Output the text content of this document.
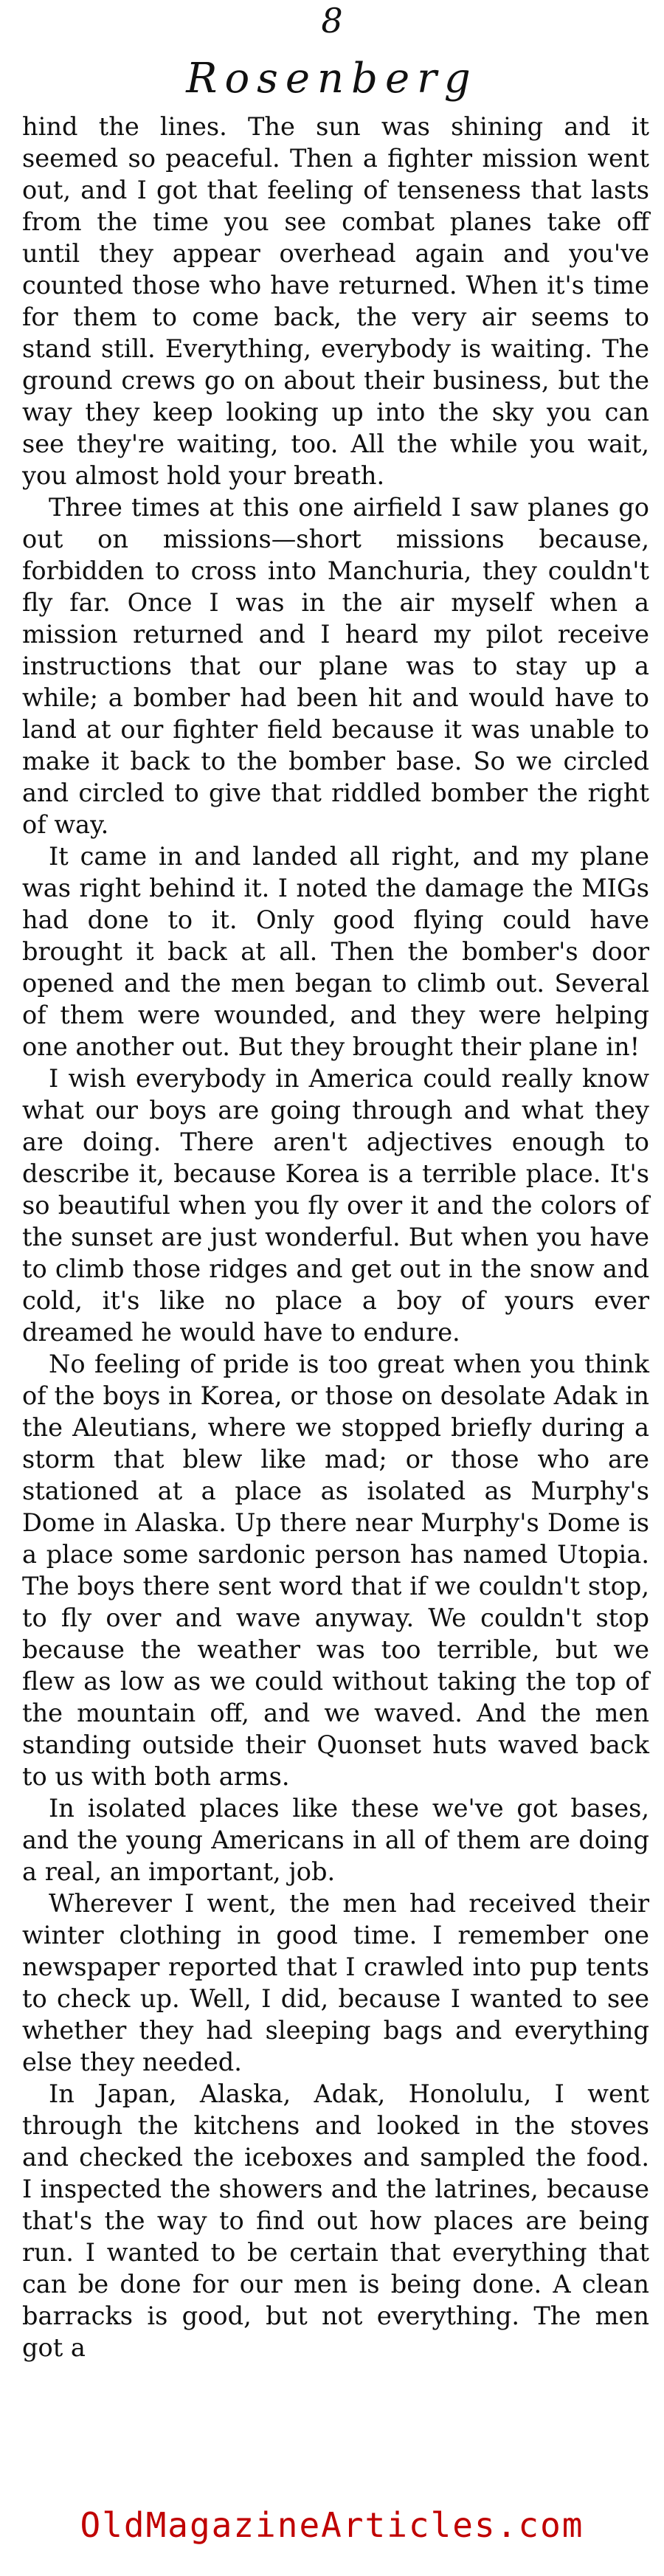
8
Rosenberg

hind the lines. The sun was shining and it seemed so peaceful. Then a fighter mission went out, and I got that feeling of tenseness that lasts from the time you see combat planes take off until they appear overhead again and you've counted those who have returned. When it's time for them to come back, the very air seems to stand still. Everything, everybody is waiting. The ground crews go on about their business, but the way they keep looking up into the sky you can see they're waiting, too. All the while you wait, you almost hold your breath.

Three times at this one airfield I saw planes go out on missions—short missions because, forbidden to cross into Manchuria, they couldn't fly far. Once I was in the air myself when a mission returned and I heard my pilot receive instructions that our plane was to stay up a while; a bomber had been hit and would have to land at our fighter field because it was unable to make it back to the bomber base. So we circled and circled to give that riddled bomber the right of way.

It came in and landed all right, and my plane was right behind it. I noted the damage the MIGs had done to it. Only good flying could have brought it back at all. Then the bomber's door opened and the men began to climb out. Several of them were wounded, and they were helping one another out. But they brought their plane in!

I wish everybody in America could really know what our boys are going through and what they are doing. There aren't adjectives enough to describe it, because Korea is a terrible place. It's so beautiful when you fly over it and the colors of the sunset are just wonderful. But when you have to climb those ridges and get out in the snow and cold, it's like no place a boy of yours ever dreamed he would have to endure.

No feeling of pride is too great when you think of the boys in Korea, or those on desolate Adak in the Aleutians, where we stopped briefly during a storm that blew like mad; or those who are stationed at a place as isolated as Murphy's Dome in Alaska. Up there near Murphy's Dome is a place some sardonic person has named Utopia. The boys there sent word that if we couldn't stop, to fly over and wave anyway. We couldn't stop because the weather was too terrible, but we flew as low as we could without taking the top of the mountain off, and we waved. And the men standing outside their Quonset huts waved back to us with both arms.

In isolated places like these we've got bases, and the young Americans in all of them are doing a real, an important, job.

Wherever I went, the men had received their winter clothing in good time. I remember one newspaper reported that I crawled into pup tents to check up. Well, I did, because I wanted to see whether they had sleeping bags and everything else they needed.

In Japan, Alaska, Adak, Honolulu, I went through the kitchens and looked in the stoves and checked the iceboxes and sampled the food. I inspected the showers and the latrines, because that's the way to find out how places are being run. I wanted to be certain that everything that can be done for our men is being done. A clean barracks is good, but not everything. The men got a

OldMagazineArticles.com
